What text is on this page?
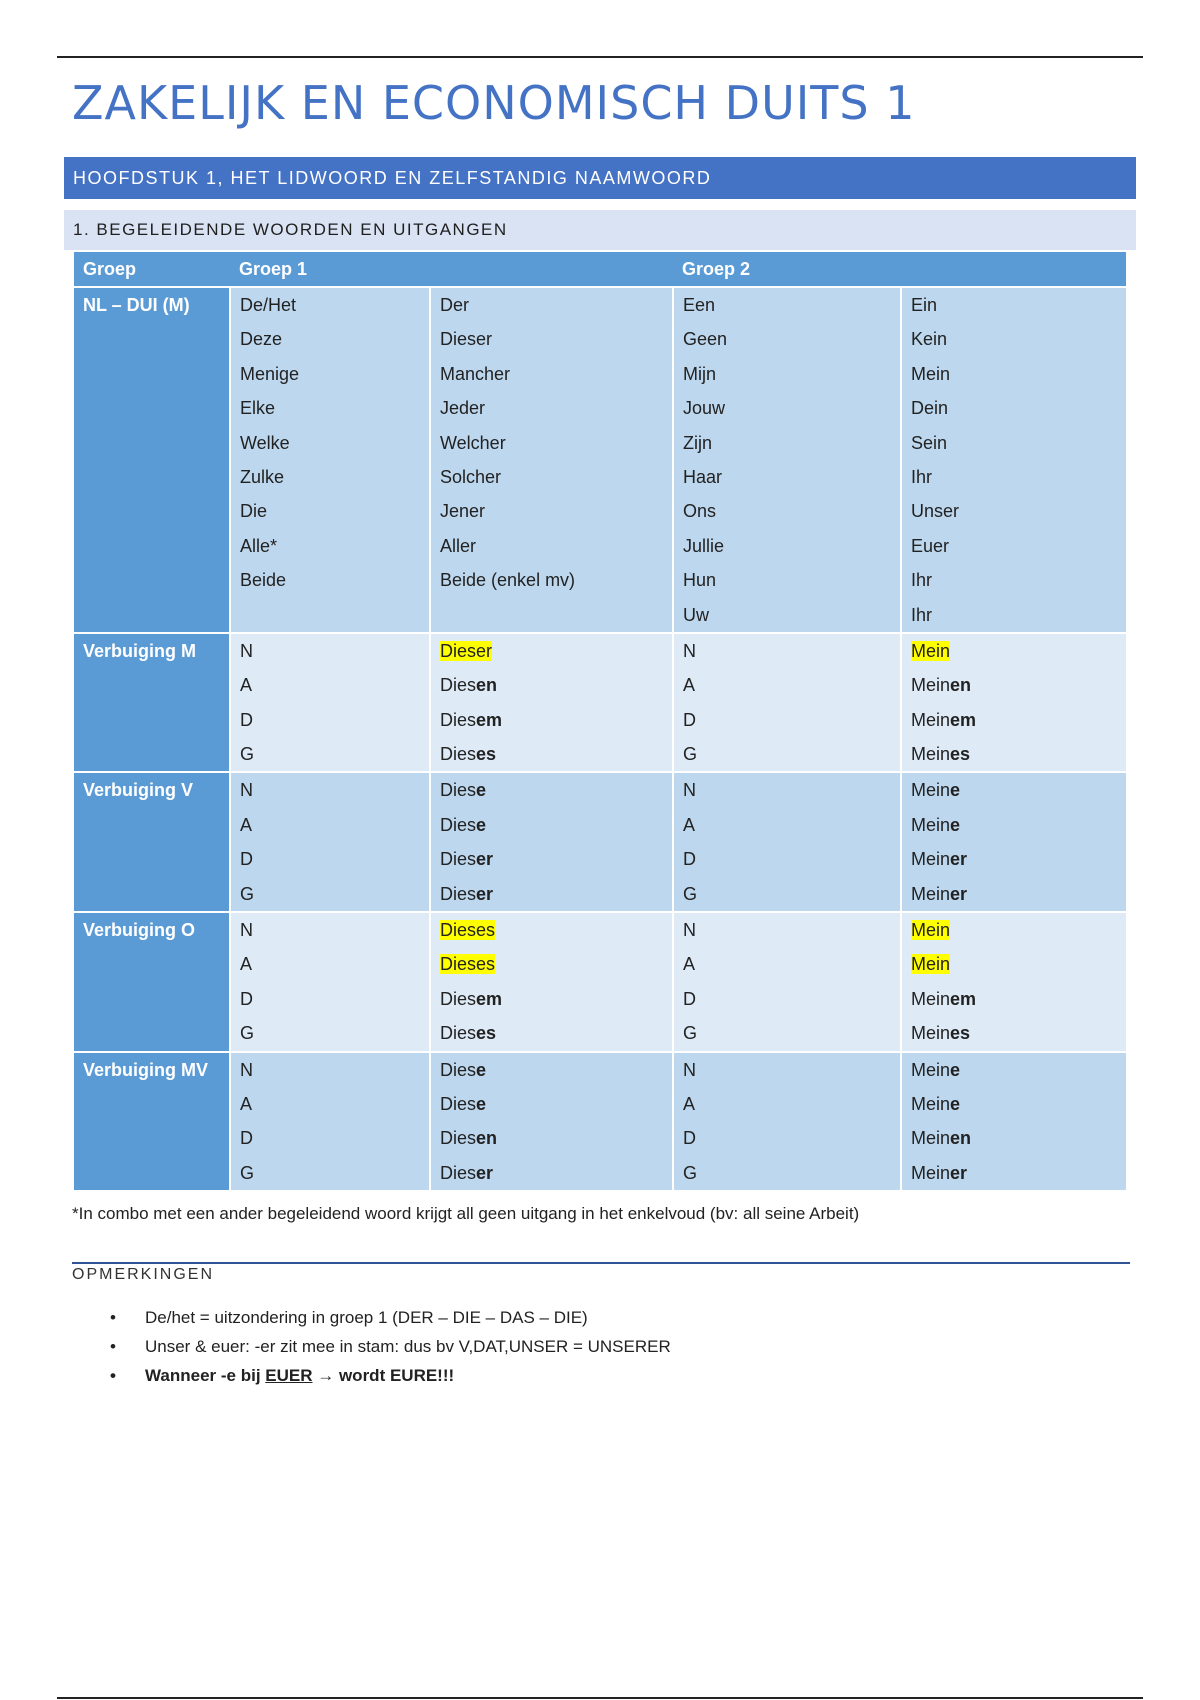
ZAKELIJK EN ECONOMISCH DUITS 1
HOOFDSTUK 1, HET LIDWOORD EN ZELFSTANDIG NAAMWOORD
1. BEGELEIDENDE WOORDEN EN UITGANGEN
Groep	Groep 1		Groep 2	
NL – DUI (M)	De/Het	Der	Een	Ein
	Deze	Dieser	Geen	Kein
	Menige	Mancher	Mijn	Mein
	Elke	Jeder	Jouw	Dein
	Welke	Welcher	Zijn	Sein
	Zulke	Solcher	Haar	Ihr
	Die	Jener	Ons	Unser
	Alle*	Aller	Jullie	Euer
	Beide	Beide (enkel mv)	Hun	Ihr
			Uw	Ihr
Verbuiging M	N	Dieser	N	Mein
	A	Diesen	A	Meinen
	D	Diesem	D	Meinem
	G	Dieses	G	Meines
Verbuiging V	N	Diese	N	Meine
	A	Diese	A	Meine
	D	Dieser	D	Meiner
	G	Dieser	G	Meiner
Verbuiging O	N	Dieses	N	Mein
	A	Dieses	A	Mein
	D	Diesem	D	Meinem
	G	Dieses	G	Meines
Verbuiging MV	N	Diese	N	Meine
	A	Diese	A	Meine
	D	Diesen	D	Meinen
	G	Dieser	G	Meiner
*In combo met een ander begeleidend woord krijgt all geen uitgang in het enkelvoud (bv: all seine Arbeit)
OPMERKINGEN
• De/het = uitzondering in groep 1 (DER – DIE – DAS – DIE)
• Unser & euer: -er zit mee in stam: dus bv V,DAT,UNSER = UNSERER
• Wanneer -e bij EUER → wordt EURE!!!
